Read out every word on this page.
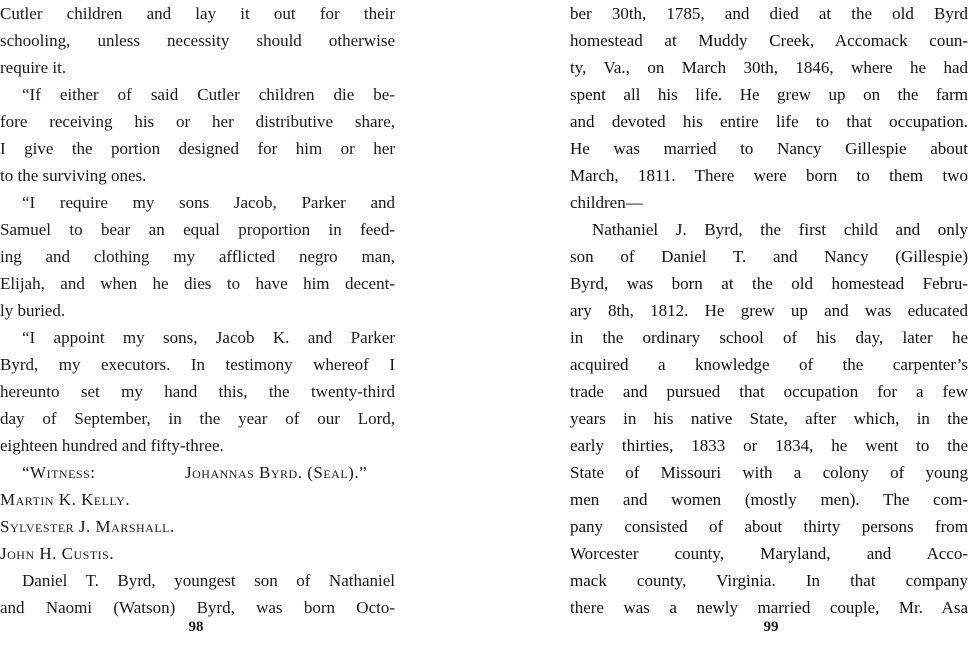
Cutler children and lay it out for their
schooling, unless necessity should otherwise
require it.
“If either of said Cutler children die be-
fore receiving his or her distributive share,
I give the portion designed for him or her
to the surviving ones.
“I require my sons Jacob, Parker and
Samuel to bear an equal proportion in feed-
ing and clothing my afflicted negro man,
Elijah, and when he dies to have him decent-
ly buried.
“I appoint my sons, Jacob K. and Parker
Byrd, my executors. In testimony whereof I
hereunto set my hand this, the twenty-third
day of September, in the year of our Lord,
eighteen hundred and fifty-three.
“Witness:	Johannas Byrd. (Seal).”
Martin K. Kelly.
Sylvester J. Marshall.
John H. Custis.
Daniel T. Byrd, youngest son of Nathaniel
and Naomi (Watson) Byrd, was born Octo-
98
ber 30th, 1785, and died at the old Byrd
homestead at Muddy Creek, Accomack coun-
ty, Va., on March 30th, 1846, where he had
spent all his life. He grew up on the farm
and devoted his entire life to that occupation.
He was married to Nancy Gillespie about
March, 1811. There were born to them two
children—
Nathaniel J. Byrd, the first child and only
son of Daniel T. and Nancy (Gillespie)
Byrd, was born at the old homestead Febru-
ary 8th, 1812. He grew up and was educated
in the ordinary school of his day, later he
acquired a knowledge of the carpenter’s
trade and pursued that occupation for a few
years in his native State, after which, in the
early thirties, 1833 or 1834, he went to the
State of Missouri with a colony of young
men and women (mostly men). The com-
pany consisted of about thirty persons from
Worcester county, Maryland, and Acco-
mack county, Virginia. In that company
there was a newly married couple, Mr. Asa
99
